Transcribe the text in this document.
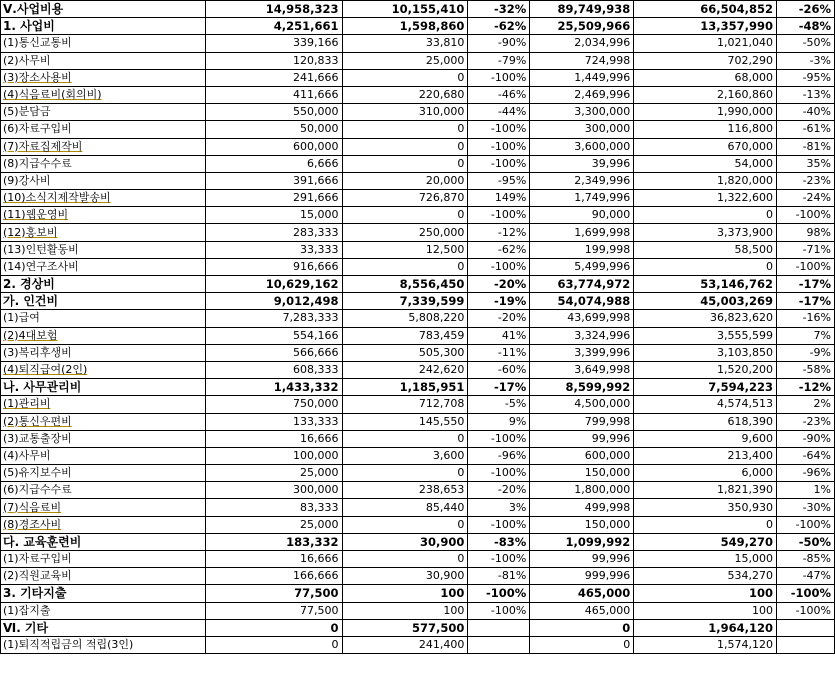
Ⅴ.사업비용	14,958,323	10,155,410	-32%	89,749,938	66,504,852	-26%
1. 사업비	4,251,661	1,598,860	-62%	25,509,966	13,357,990	-48%
(1)통신교통비	339,166	33,810	-90%	2,034,996	1,021,040	-50%
(2)사무비	120,833	25,000	-79%	724,998	702,290	-3%
(3)장소사용비	241,666	0	-100%	1,449,996	68,000	-95%
(4)식음료비(회의비)	411,666	220,680	-46%	2,469,996	2,160,860	-13%
(5)분담금	550,000	310,000	-44%	3,300,000	1,990,000	-40%
(6)자료구입비	50,000	0	-100%	300,000	116,800	-61%
(7)자료집제작비	600,000	0	-100%	3,600,000	670,000	-81%
(8)지급수수료	6,666	0	-100%	39,996	54,000	35%
(9)강사비	391,666	20,000	-95%	2,349,996	1,820,000	-23%
(10)소식지제작발송비	291,666	726,870	149%	1,749,996	1,322,600	-24%
(11)웹운영비	15,000	0	-100%	90,000	0	-100%
(12)홍보비	283,333	250,000	-12%	1,699,998	3,373,900	98%
(13)인턴활동비	33,333	12,500	-62%	199,998	58,500	-71%
(14)연구조사비	916,666	0	-100%	5,499,996	0	-100%
2. 경상비	10,629,162	8,556,450	-20%	63,774,972	53,146,762	-17%
가. 인건비	9,012,498	7,339,599	-19%	54,074,988	45,003,269	-17%
(1)급여	7,283,333	5,808,220	-20%	43,699,998	36,823,620	-16%
(2)4대보험	554,166	783,459	41%	3,324,996	3,555,599	7%
(3)복리후생비	566,666	505,300	-11%	3,399,996	3,103,850	-9%
(4)퇴직급여(2인)	608,333	242,620	-60%	3,649,998	1,520,200	-58%
나. 사무관리비	1,433,332	1,185,951	-17%	8,599,992	7,594,223	-12%
(1)관리비	750,000	712,708	-5%	4,500,000	4,574,513	2%
(2)통신우편비	133,333	145,550	9%	799,998	618,390	-23%
(3)교통출장비	16,666	0	-100%	99,996	9,600	-90%
(4)사무비	100,000	3,600	-96%	600,000	213,400	-64%
(5)유지보수비	25,000	0	-100%	150,000	6,000	-96%
(6)지급수수료	300,000	238,653	-20%	1,800,000	1,821,390	1%
(7)식음료비	83,333	85,440	3%	499,998	350,930	-30%
(8)경조사비	25,000	0	-100%	150,000	0	-100%
다. 교육훈련비	183,332	30,900	-83%	1,099,992	549,270	-50%
(1)자료구입비	16,666	0	-100%	99,996	15,000	-85%
(2)직원교육비	166,666	30,900	-81%	999,996	534,270	-47%
3. 기타지출	77,500	100	-100%	465,000	100	-100%
(1)잡지출	77,500	100	-100%	465,000	100	-100%
Ⅵ. 기타	0	577,500		0	1,964,120	
(1)퇴직적립금의 적립(3인)	0	241,400		0	1,574,120	
